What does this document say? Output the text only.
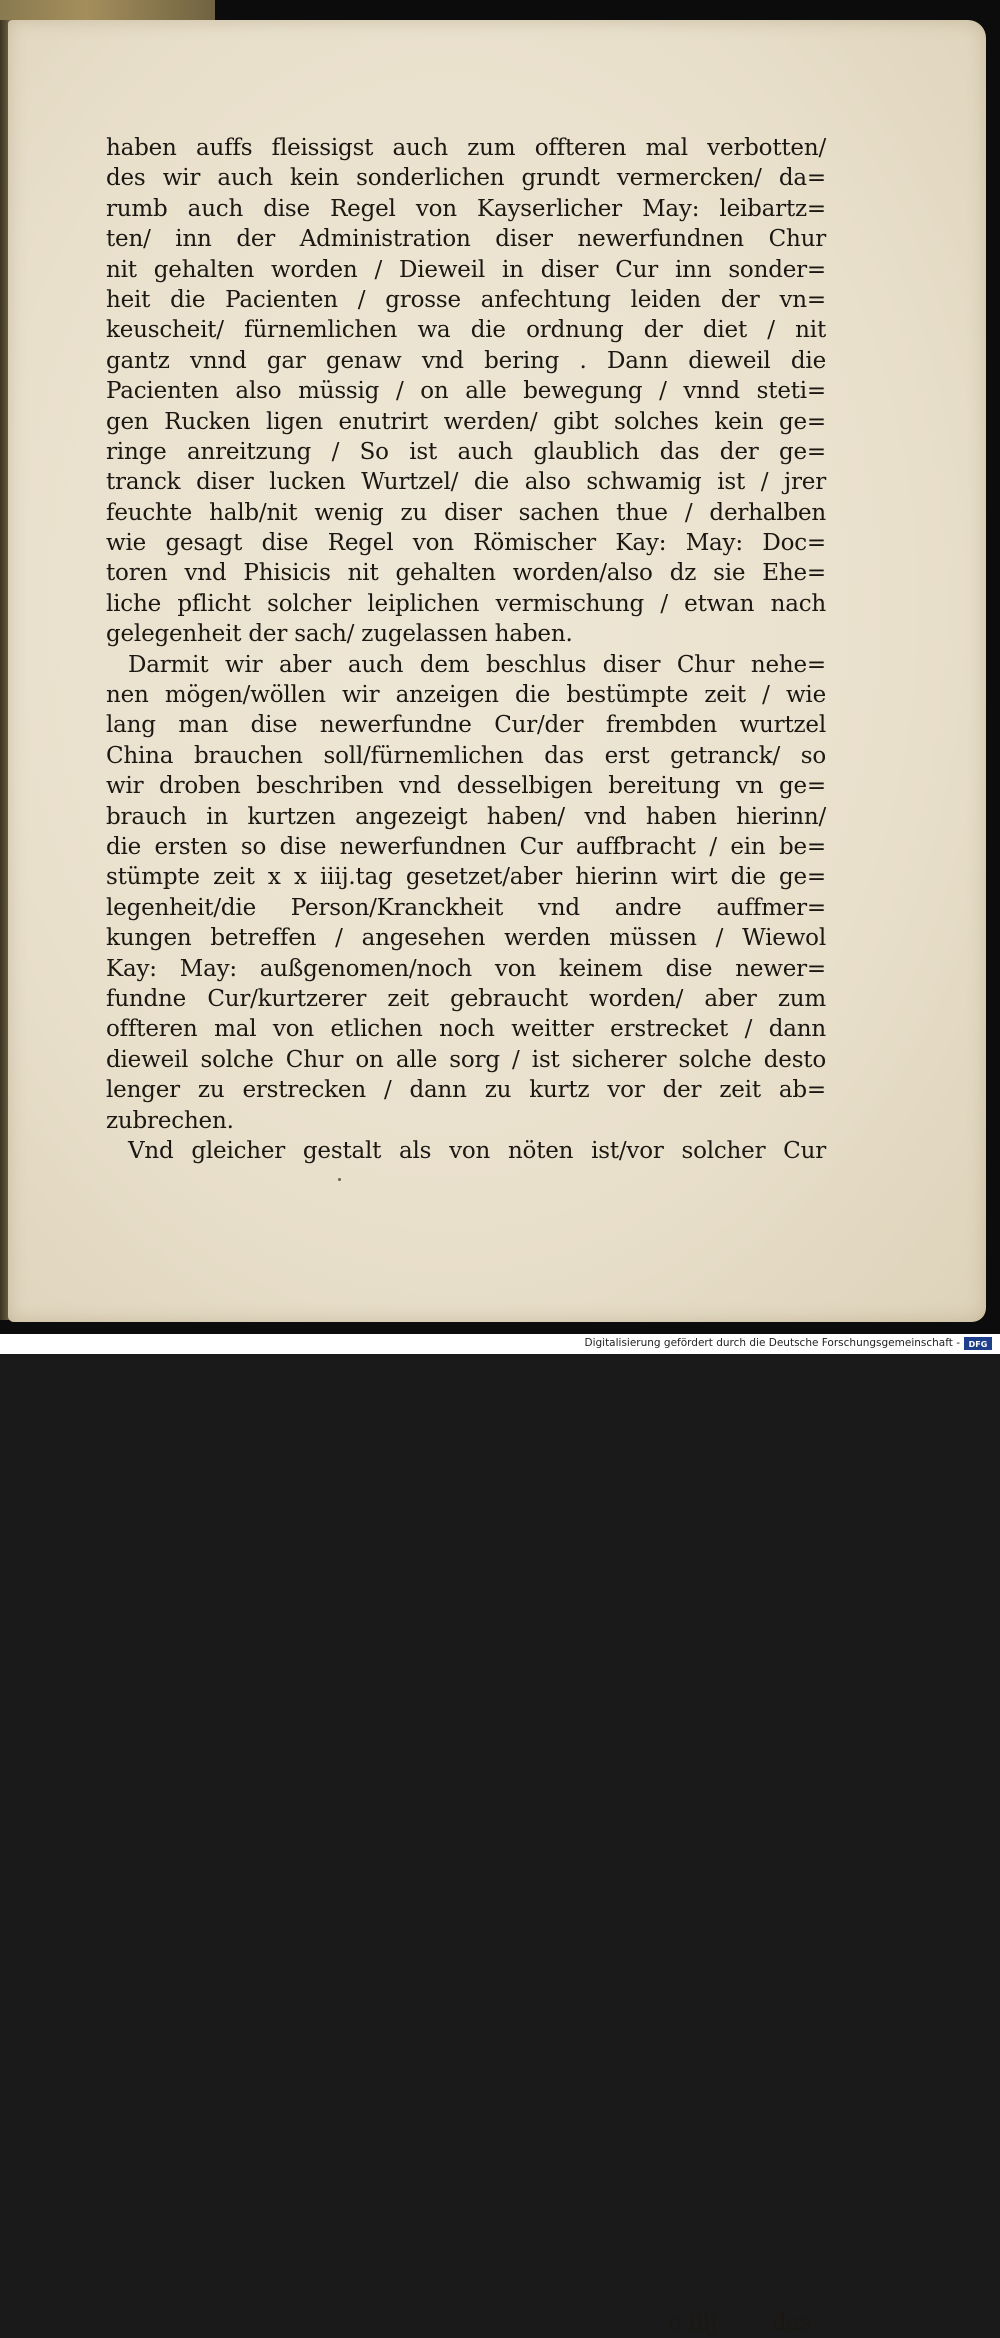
haben auffs fleissigst auch zum offteren mal verbotten/
des wir auch kein sonderlichen grundt vermercken/ da=
rumb auch dise Regel von Kayserlicher May: leibartz=
ten/ inn der Administration diser newerfundnen Chur
nit gehalten worden / Dieweil in diser Cur inn sonder=
heit die Pacienten / grosse anfechtung leiden der vn=
keuscheit/ fürnemlichen wa die ordnung der diet / nit
gantz vnnd gar genaw vnd bering . Dann dieweil die
Pacienten also müssig / on alle bewegung / vnnd steti=
gen Rucken ligen enutrirt werden/ gibt solches kein ge=
ringe anreitzung / So ist auch glaublich das der ge=
tranck diser lucken Wurtzel/ die also schwamig ist / jrer
feuchte halb/nit wenig zu diser sachen thue / derhalben
wie gesagt dise Regel von Römischer Kay: May: Doc=
toren vnd Phisicis nit gehalten worden/also dz sie Ehe=
liche pflicht solcher leiplichen vermischung / etwan nach
gelegenheit der sach/ zugelassen haben.
Darmit wir aber auch dem beschlus diser Chur nehe=
nen mögen/wöllen wir anzeigen die bestümpte zeit / wie
lang man dise newerfundne Cur/der frembden wurtzel
China brauchen soll/fürnemlichen das erst getranck/ so
wir droben beschriben vnd desselbigen bereitung vn ge=
brauch in kurtzen angezeigt haben/ vnd haben hierinn/
die ersten so dise newerfundnen Cur auffbracht / ein be=
stümpte zeit x x iiij.tag gesetzet/aber hierinn wirt die ge=
legenheit/die Person/Kranckheit vnd andre auffmer=
kungen betreffen / angesehen werden müssen / Wiewol
Kay: May: außgenomen/noch von keinem dise newer=
fundne Cur/kurtzerer zeit gebraucht worden/ aber zum
offteren mal von etlichen noch weitter erstrecket / dann
dieweil solche Chur on alle sorg / ist sicherer solche desto
lenger zu erstrecken / dann zu kurtz vor der zeit ab=
zubrechen.
Vnd gleicher gestalt als von nöten ist/vor solcher Cur
c iiij das
Digitalisierung gefördert durch die Deutsche Forschungsgemeinschaft -	DFG
